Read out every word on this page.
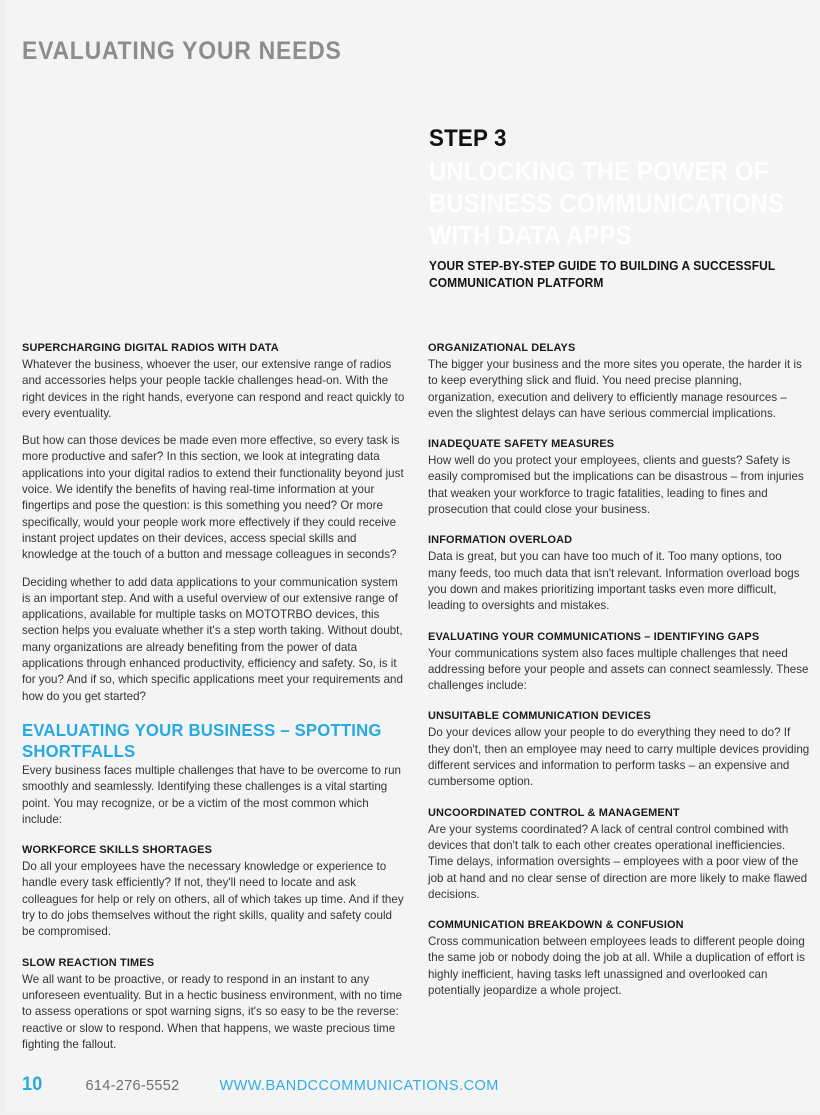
EVALUATING YOUR NEEDS
STEP 3
UNLOCKING THE POWER OF BUSINESS COMMUNICATIONS WITH DATA APPS
YOUR STEP-BY-STEP GUIDE TO BUILDING A SUCCESSFUL COMMUNICATION PLATFORM
SUPERCHARGING DIGITAL RADIOS WITH DATA

Whatever the business, whoever the user, our extensive range of radios and accessories helps your people tackle challenges head-on. With the right devices in the right hands, everyone can respond and react quickly to every eventuality.

But how can those devices be made even more effective, so every task is more productive and safer? In this section, we look at integrating data applications into your digital radios to extend their functionality beyond just voice. We identify the benefits of having real-time information at your fingertips and pose the question: is this something you need? Or more specifically, would your people work more effectively if they could receive instant project updates on their devices, access special skills and knowledge at the touch of a button and message colleagues in seconds?

Deciding whether to add data applications to your communication system is an important step. And with a useful overview of our extensive range of applications, available for multiple tasks on MOTOTRBO devices, this section helps you evaluate whether it's a step worth taking. Without doubt, many organizations are already benefiting from the power of data applications through enhanced productivity, efficiency and safety. So, is it for you? And if so, which specific applications meet your requirements and how do you get started?

EVALUATING YOUR BUSINESS – SPOTTING SHORTFALLS

Every business faces multiple challenges that have to be overcome to run smoothly and seamlessly. Identifying these challenges is a vital starting point. You may recognize, or be a victim of the most common which include:

WORKFORCE SKILLS SHORTAGES

Do all your employees have the necessary knowledge or experience to handle every task efficiently? If not, they'll need to locate and ask colleagues for help or rely on others, all of which takes up time. And if they try to do jobs themselves without the right skills, quality and safety could be compromised.

SLOW REACTION TIMES

We all want to be proactive, or ready to respond in an instant to any unforeseen eventuality. But in a hectic business environment, with no time to assess operations or spot warning signs, it's so easy to be the reverse: reactive or slow to respond. When that happens, we waste precious time fighting the fallout.

ORGANIZATIONAL DELAYS

The bigger your business and the more sites you operate, the harder it is to keep everything slick and fluid. You need precise planning, organization, execution and delivery to efficiently manage resources – even the slightest delays can have serious commercial implications.

INADEQUATE SAFETY MEASURES

How well do you protect your employees, clients and guests? Safety is easily compromised but the implications can be disastrous – from injuries that weaken your workforce to tragic fatalities, leading to fines and prosecution that could close your business.

INFORMATION OVERLOAD

Data is great, but you can have too much of it. Too many options, too many feeds, too much data that isn't relevant. Information overload bogs you down and makes prioritizing important tasks even more difficult, leading to oversights and mistakes.

EVALUATING YOUR COMMUNICATIONS – IDENTIFYING GAPS

Your communications system also faces multiple challenges that need addressing before your people and assets can connect seamlessly. These challenges include:

UNSUITABLE COMMUNICATION DEVICES

Do your devices allow your people to do everything they need to do? If they don't, then an employee may need to carry multiple devices providing different services and information to perform tasks – an expensive and cumbersome option.

UNCOORDINATED CONTROL & MANAGEMENT

Are your systems coordinated? A lack of central control combined with devices that don't talk to each other creates operational inefficiencies. Time delays, information oversights – employees with a poor view of the job at hand and no clear sense of direction are more likely to make flawed decisions.

COMMUNICATION BREAKDOWN & CONFUSION

Cross communication between employees leads to different people doing the same job or nobody doing the job at all. While a duplication of effort is highly inefficient, having tasks left unassigned and overlooked can potentially jeopardize a whole project.

10	614-276-5552	WWW.BANDCCOMMUNICATIONS.COM
